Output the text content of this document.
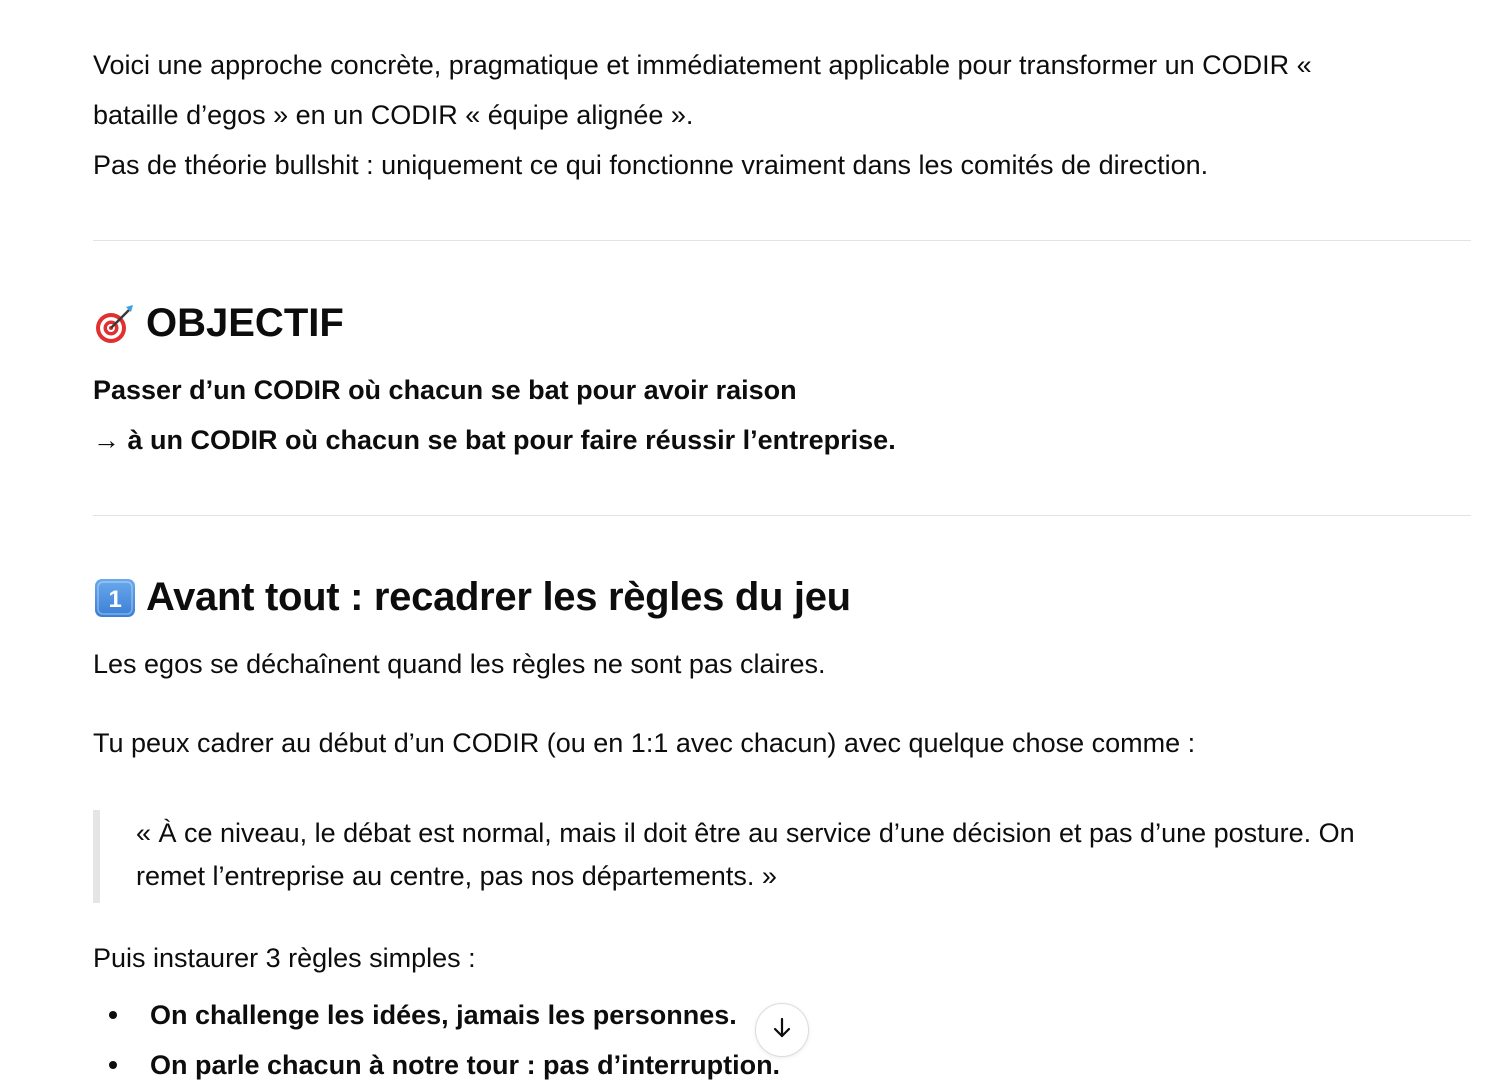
Voici une approche concrète, pragmatique et immédiatement applicable pour transformer un CODIR «

bataille d’egos » en un CODIR « équipe alignée ».

Pas de théorie bullshit : uniquement ce qui fonctionne vraiment dans les comités de direction.

OBJECTIF

Passer d’un CODIR où chacun se bat pour avoir raison

→ à un CODIR où chacun se bat pour faire réussir l’entreprise.

1 Avant tout : recadrer les règles du jeu

Les egos se déchaînent quand les règles ne sont pas claires.

Tu peux cadrer au début d’un CODIR (ou en 1:1 avec chacun) avec quelque chose comme :

« À ce niveau, le débat est normal, mais il doit être au service d’une décision et pas d’une posture. On

remet l’entreprise au centre, pas nos départements. »

Puis instaurer 3 règles simples :

On challenge les idées, jamais les personnes.
On parle chacun à notre tour : pas d’interruption.
